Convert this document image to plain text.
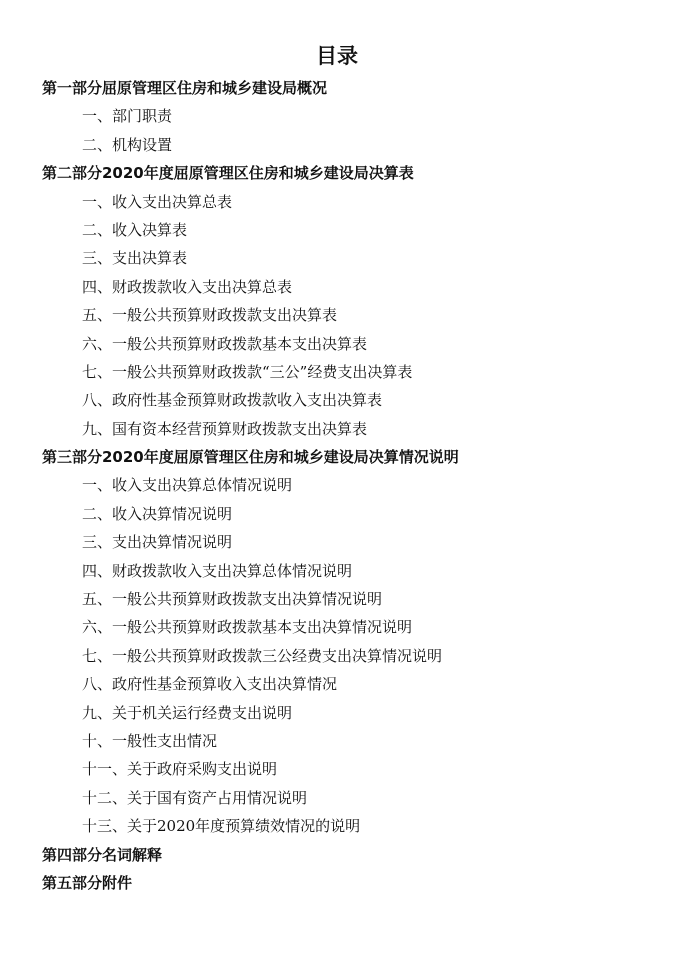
目录
第一部分屈原管理区住房和城乡建设局概况
一、部门职责
二、机构设置
第二部分2020年度屈原管理区住房和城乡建设局决算表
一、收入支出决算总表
二、收入决算表
三、支出决算表
四、财政拨款收入支出决算总表
五、一般公共预算财政拨款支出决算表
六、一般公共预算财政拨款基本支出决算表
七、一般公共预算财政拨款“三公”经费支出决算表
八、政府性基金预算财政拨款收入支出决算表
九、国有资本经营预算财政拨款支出决算表
第三部分2020年度屈原管理区住房和城乡建设局决算情况说明
一、收入支出决算总体情况说明
二、收入决算情况说明
三、支出决算情况说明
四、财政拨款收入支出决算总体情况说明
五、一般公共预算财政拨款支出决算情况说明
六、一般公共预算财政拨款基本支出决算情况说明
七、一般公共预算财政拨款三公经费支出决算情况说明
八、政府性基金预算收入支出决算情况
九、关于机关运行经费支出说明
十、一般性支出情况
十一、关于政府采购支出说明
十二、关于国有资产占用情况说明
十三、关于2020年度预算绩效情况的说明
第四部分名词解释
第五部分附件
